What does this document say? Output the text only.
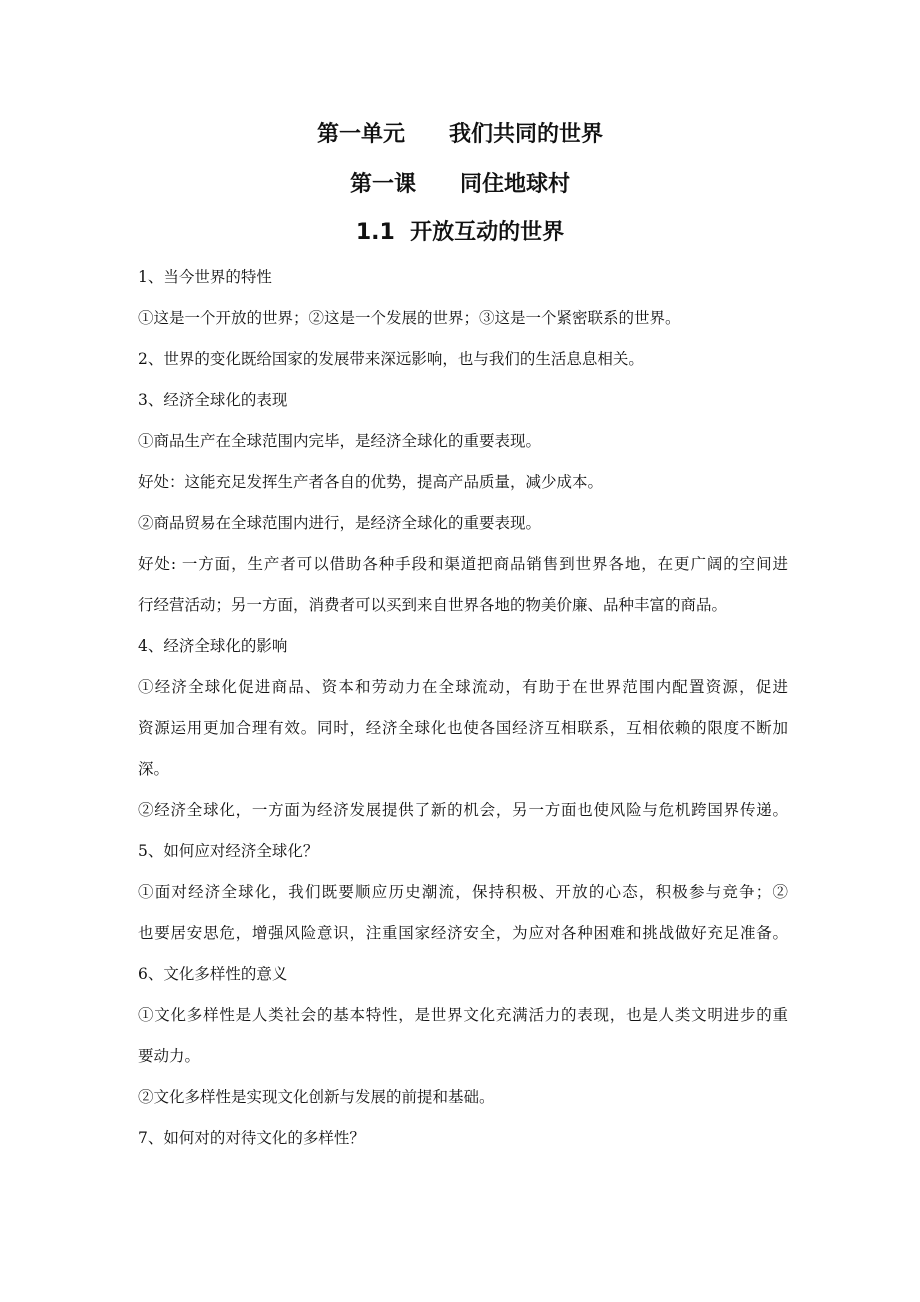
第一单元　　我们共同的世界
第一课　　同住地球村
1.1  开放互动的世界
1、当今世界的特性
①这是一个开放的世界；②这是一个发展的世界；③这是一个紧密联系的世界。
2、世界的变化既给国家的发展带来深远影响，也与我们的生活息息相关。
3、经济全球化的表现
①商品生产在全球范围内完毕，是经济全球化的重要表现。
好处：这能充足发挥生产者各自的优势，提高产品质量，减少成本。
②商品贸易在全球范围内进行，是经济全球化的重要表现。
好处: 一方面，生产者可以借助各种手段和渠道把商品销售到世界各地，在更广阔的空间进
行经营活动；另一方面，消费者可以买到来自世界各地的物美价廉、品种丰富的商品。
4、经济全球化的影响
①经济全球化促进商品、资本和劳动力在全球流动，有助于在世界范围内配置资源，促进
资源运用更加合理有效。同时，经济全球化也使各国经济互相联系，互相依赖的限度不断加
深。
②经济全球化，一方面为经济发展提供了新的机会，另一方面也使风险与危机跨国界传递。
5、如何应对经济全球化？
①面对经济全球化，我们既要顺应历史潮流，保持积极、开放的心态，积极参与竞争；②
也要居安思危，增强风险意识，注重国家经济安全，为应对各种困难和挑战做好充足准备。
6、文化多样性的意义
①文化多样性是人类社会的基本特性，是世界文化充满活力的表现，也是人类文明进步的重
要动力。
②文化多样性是实现文化创新与发展的前提和基础。
7、如何对的对待文化的多样性？
